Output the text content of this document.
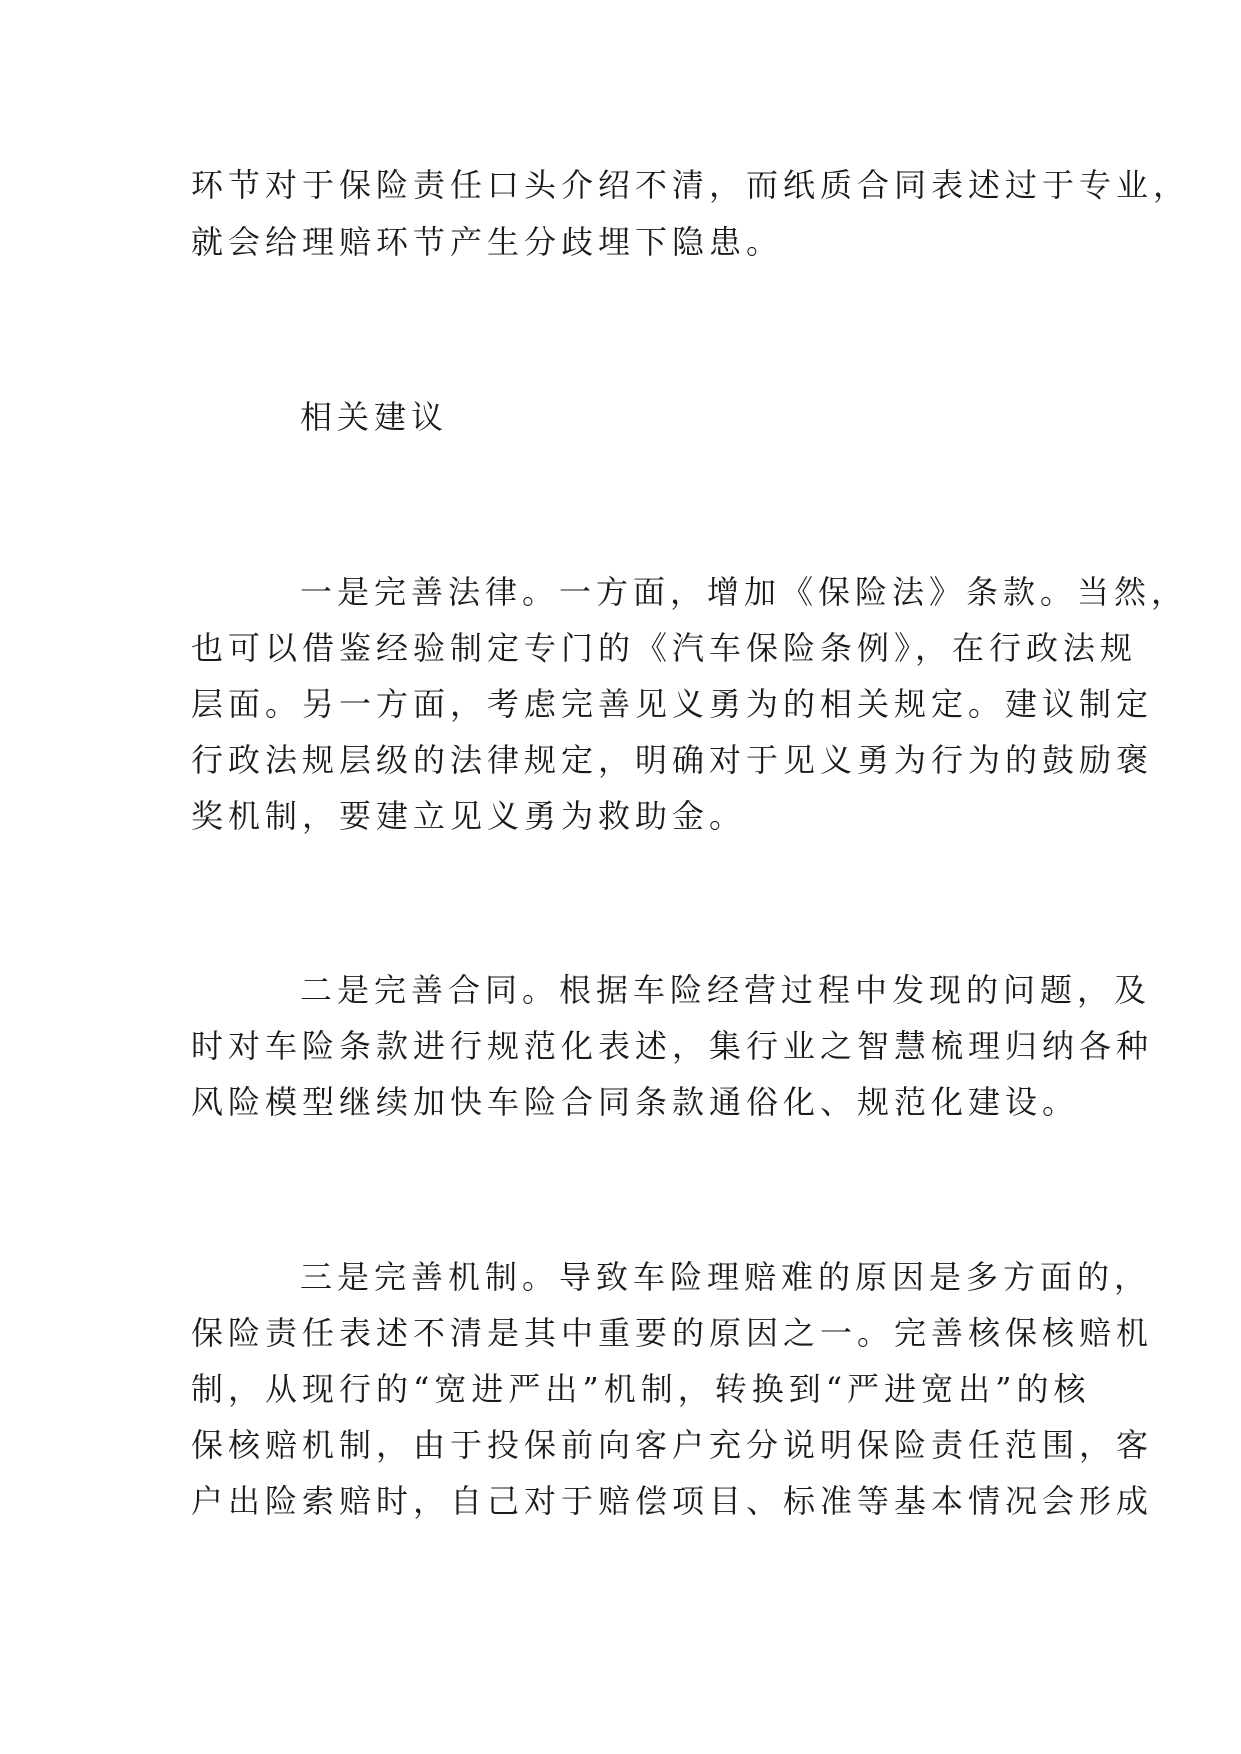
环节对于保险责任口头介绍不清，而纸质合同表述过于专业，
就会给理赔环节产生分歧埋下隐患。
相关建议
一是完善法律。一方面，增加《保险法》条款。当然，
也可以借鉴经验制定专门的《汽车保险条例》，在行政法规
层面。另一方面，考虑完善见义勇为的相关规定。建议制定
行政法规层级的法律规定，明确对于见义勇为行为的鼓励褒
奖机制，要建立见义勇为救助金。
二是完善合同。根据车险经营过程中发现的问题，及
时对车险条款进行规范化表述，集行业之智慧梳理归纳各种
风险模型继续加快车险合同条款通俗化、规范化建设。
三是完善机制。导致车险理赔难的原因是多方面的，
保险责任表述不清是其中重要的原因之一。完善核保核赔机
制，从现行的“宽进严出”机制，转换到“严进宽出”的核
保核赔机制，由于投保前向客户充分说明保险责任范围，客
户出险索赔时，自己对于赔偿项目、标准等基本情况会形成
